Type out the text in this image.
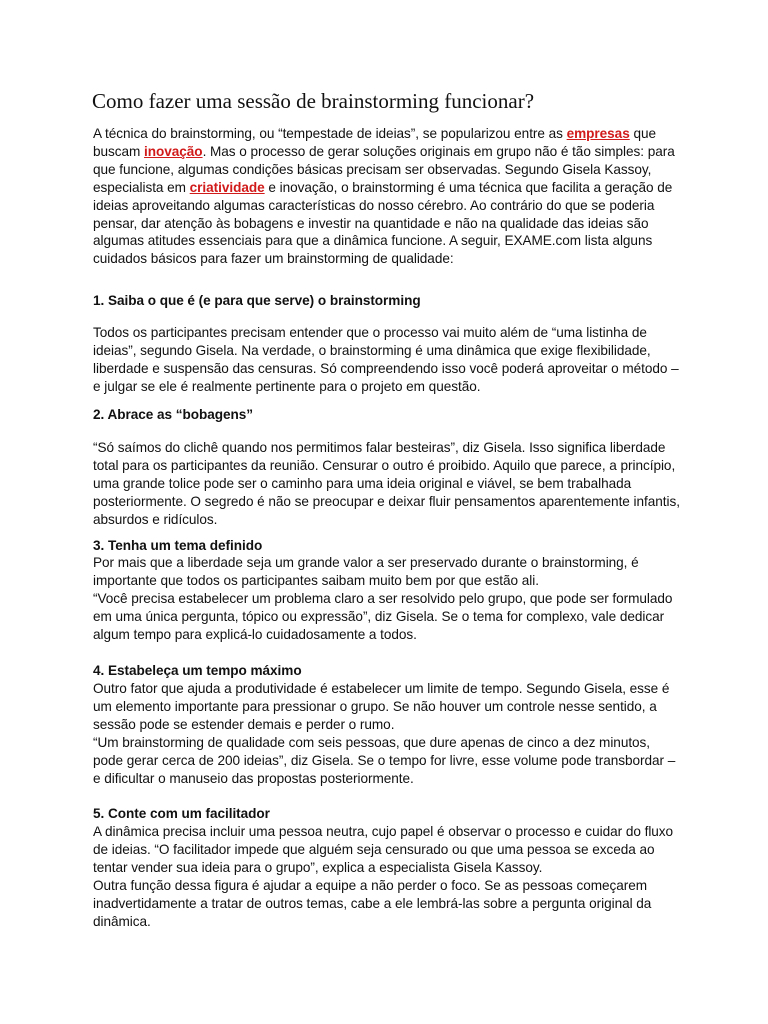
Como fazer uma sessão de brainstorming funcionar?

A técnica do brainstorming, ou “tempestade de ideias”, se popularizou entre as empresas que buscam inovação. Mas o processo de gerar soluções originais em grupo não é tão simples: para que funcione, algumas condições básicas precisam ser observadas. Segundo Gisela Kassoy, especialista em criatividade e inovação, o brainstorming é uma técnica que facilita a geração de ideias aproveitando algumas características do nosso cérebro. Ao contrário do que se poderia pensar, dar atenção às bobagens e investir na quantidade e não na qualidade das ideias são algumas atitudes essenciais para que a dinâmica funcione. A seguir, EXAME.com lista alguns cuidados básicos para fazer um brainstorming de qualidade:

1. Saiba o que é (e para que serve) o brainstorming

Todos os participantes precisam entender que o processo vai muito além de “uma listinha de ideias”, segundo Gisela. Na verdade, o brainstorming é uma dinâmica que exige flexibilidade, liberdade e suspensão das censuras. Só compreendendo isso você poderá aproveitar o método – e julgar se ele é realmente pertinente para o projeto em questão.

2. Abrace as “bobagens”

“Só saímos do clichê quando nos permitimos falar besteiras”, diz Gisela. Isso significa liberdade total para os participantes da reunião. Censurar o outro é proibido. Aquilo que parece, a princípio, uma grande tolice pode ser o caminho para uma ideia original e viável, se bem trabalhada posteriormente. O segredo é não se preocupar e deixar fluir pensamentos aparentemente infantis, absurdos e ridículos.

3. Tenha um tema definido

Por mais que a liberdade seja um grande valor a ser preservado durante o brainstorming, é importante que todos os participantes saibam muito bem por que estão ali.

“Você precisa estabelecer um problema claro a ser resolvido pelo grupo, que pode ser formulado em uma única pergunta, tópico ou expressão”, diz Gisela. Se o tema for complexo, vale dedicar algum tempo para explicá-lo cuidadosamente a todos.

4. Estabeleça um tempo máximo

Outro fator que ajuda a produtividade é estabelecer um limite de tempo. Segundo Gisela, esse é um elemento importante para pressionar o grupo. Se não houver um controle nesse sentido, a sessão pode se estender demais e perder o rumo.

“Um brainstorming de qualidade com seis pessoas, que dure apenas de cinco a dez minutos, pode gerar cerca de 200 ideias”, diz Gisela. Se o tempo for livre, esse volume pode transbordar – e dificultar o manuseio das propostas posteriormente.

5. Conte com um facilitador

A dinâmica precisa incluir uma pessoa neutra, cujo papel é observar o processo e cuidar do fluxo de ideias. “O facilitador impede que alguém seja censurado ou que uma pessoa se exceda ao tentar vender sua ideia para o grupo”, explica a especialista Gisela Kassoy.

Outra função dessa figura é ajudar a equipe a não perder o foco. Se as pessoas começarem inadvertidamente a tratar de outros temas, cabe a ele lembrá-las sobre a pergunta original da dinâmica.
